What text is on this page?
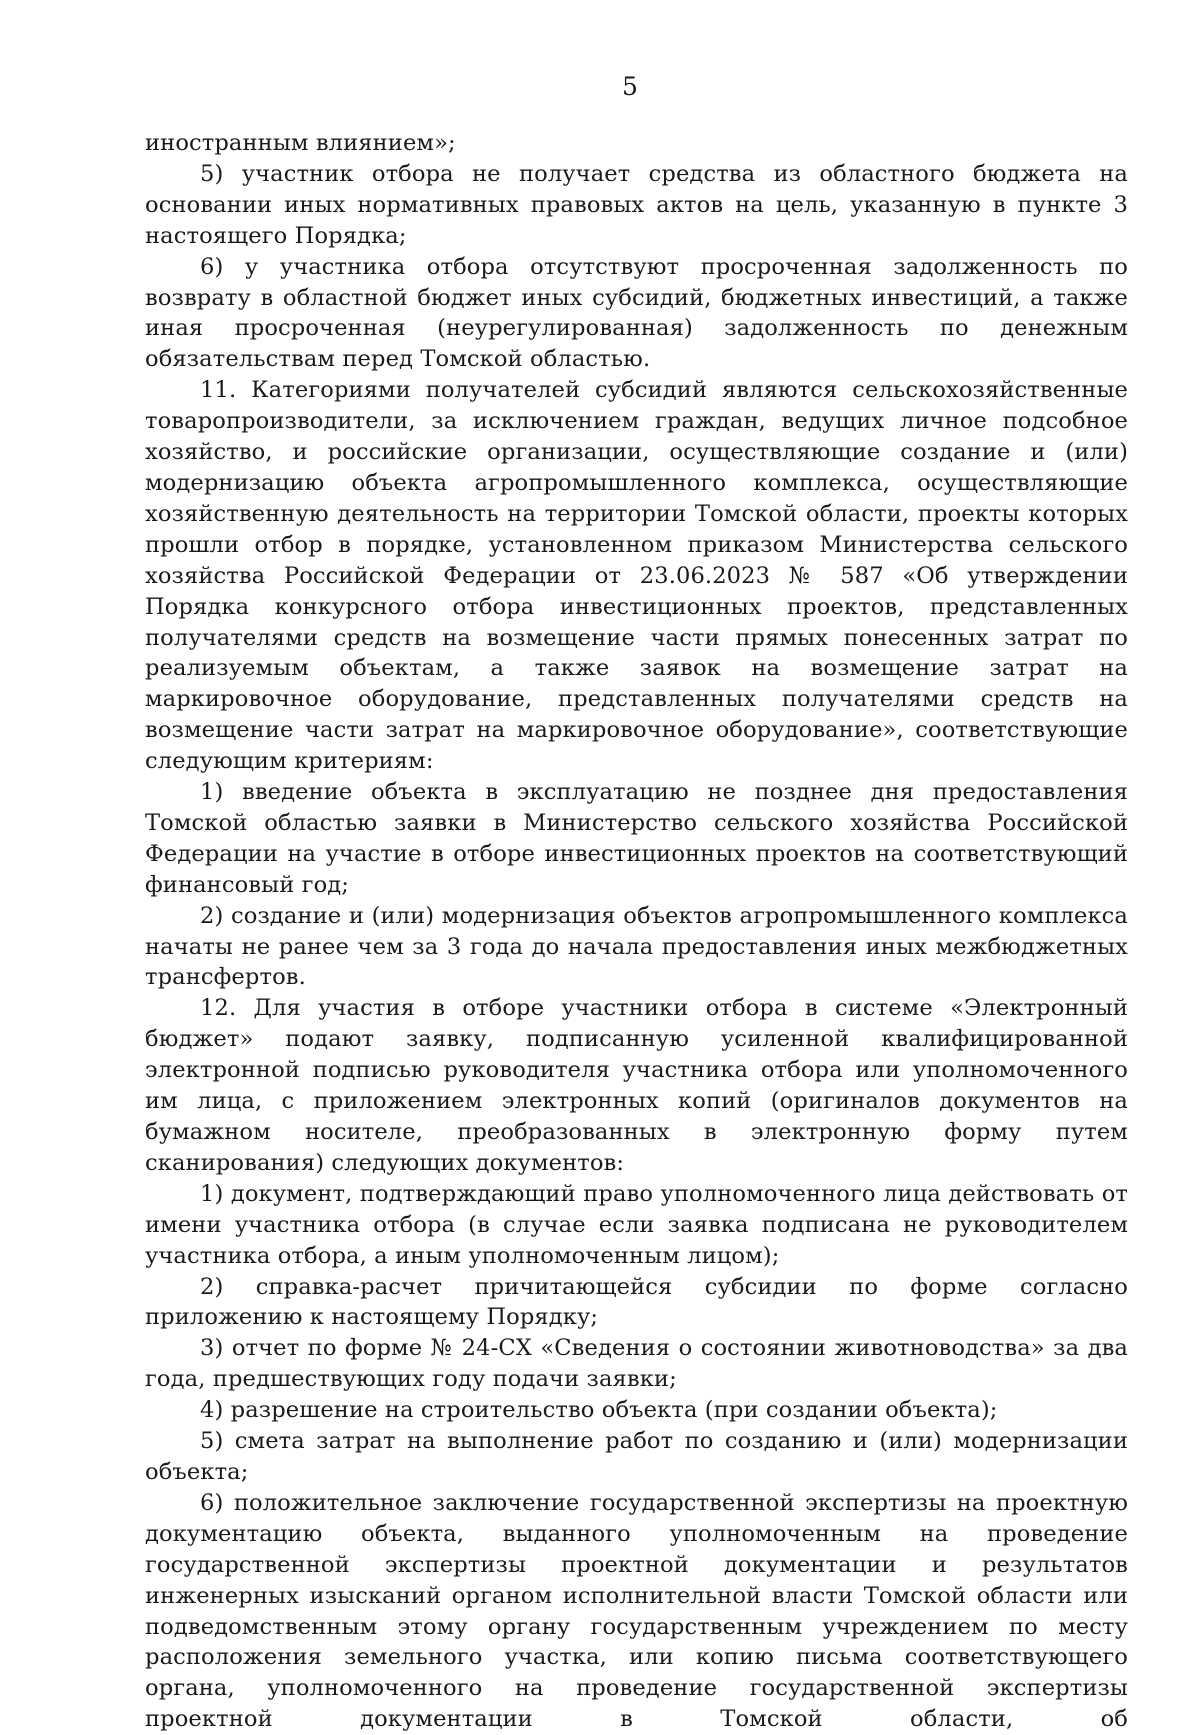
5

иностранным влиянием»;

5) участник отбора не получает средства из областного бюджета на основании иных нормативных правовых актов на цель, указанную в пункте 3 настоящего Порядка;

6) у участника отбора отсутствуют просроченная задолженность по возврату в областной бюджет иных субсидий, бюджетных инвестиций, а также иная просроченная (неурегулированная) задолженность по денежным обязательствам перед Томской областью.

11. Категориями получателей субсидий являются сельскохозяйственные товаропроизводители, за исключением граждан, ведущих личное подсобное хозяйство, и российские организации, осуществляющие создание и (или) модернизацию объекта агропромышленного комплекса, осуществляющие хозяйственную деятельность на территории Томской области, проекты которых прошли отбор в порядке, установленном приказом Министерства сельского хозяйства Российской Федерации от 23.06.2023 № 587 «Об утверждении Порядка конкурсного отбора инвестиционных проектов, представленных получателями средств на возмещение части прямых понесенных затрат по реализуемым объектам, а также заявок на возмещение затрат на маркировочное оборудование, представленных получателями средств на возмещение части затрат на маркировочное оборудование», соответствующие следующим критериям:

1) введение объекта в эксплуатацию не позднее дня предоставления Томской областью заявки в Министерство сельского хозяйства Российской Федерации на участие в отборе инвестиционных проектов на соответствующий финансовый год;

2) создание и (или) модернизация объектов агропромышленного комплекса начаты не ранее чем за 3 года до начала предоставления иных межбюджетных трансфертов.

12. Для участия в отборе участники отбора в системе «Электронный бюджет» подают заявку, подписанную усиленной квалифицированной электронной подписью руководителя участника отбора или уполномоченного им лица, с приложением электронных копий (оригиналов документов на бумажном носителе, преобразованных в электронную форму путем сканирования) следующих документов:

1) документ, подтверждающий право уполномоченного лица действовать от имени участника отбора (в случае если заявка подписана не руководителем участника отбора, а иным уполномоченным лицом);

2) справка-расчет причитающейся субсидии по форме согласно приложению к настоящему Порядку;

3) отчет по форме № 24-СХ «Сведения о состоянии животноводства» за два года, предшествующих году подачи заявки;

4) разрешение на строительство объекта (при создании объекта);

5) смета затрат на выполнение работ по созданию и (или) модернизации объекта;

6) положительное заключение государственной экспертизы на проектную документацию объекта, выданного уполномоченным на проведение государственной экспертизы проектной документации и результатов инженерных изысканий органом исполнительной власти Томской области или подведомственным этому органу государственным учреждением по месту расположения земельного участка, или копию письма соответствующего органа, уполномоченного на проведение государственной экспертизы проектной документации в Томской области, об
